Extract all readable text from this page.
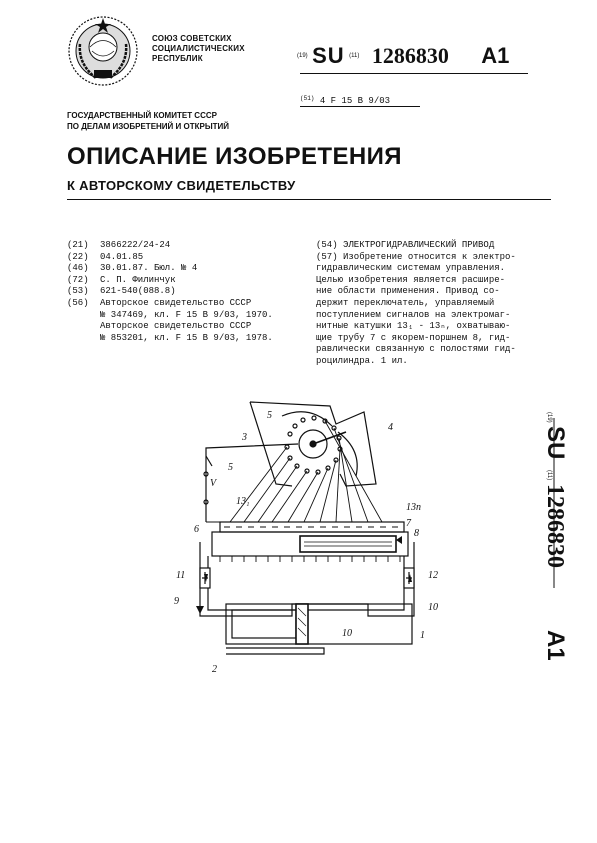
СОЮЗ СОВЕТСКИХ
СОЦИАЛИСТИЧЕСКИХ
РЕСПУБЛИК	$^{(19)}$ SU $^{(11)}$ 1286830 A1
$^{(51)}$ 4 F 15 B 9/03
ГОСУДАРСТВЕННЫЙ КОМИТЕТ СССР
ПО ДЕЛАМ ИЗОБРЕТЕНИЙ И ОТКРЫТИЙ
ОПИСАНИЕ ИЗОБРЕТЕНИЯ
К АВТОРСКОМУ СВИДЕТЕЛЬСТВУ
(21) 3866222/24-24
(22) 04.01.85
(46) 30.01.87. Бюл. № 4
(72) С. П. Филинчук
(53) 621-540(088.8)
(56) Авторское свидетельство СССР
№ 347469, кл. F 15 B 9/03, 1970.
Авторское свидетельство СССР
№ 853201, кл. F 15 B 9/03, 1978.
(54) ЭЛЕКТРОГИДРАВЛИЧЕСКИЙ ПРИВОД
(57) Изобретение относится к электро-
гидравлическим системам управления.
Целью изобретения является расшире-
ние области применения. Привод со-
держит переключатель, управляемый
поступлением сигналов на электромаг-
нитные катушки 13₁ - 13ₙ, охватываю-
щие трубу 7 с якорем-поршнем 8, гид-
равлически связанную с полостями гид-
роцилиндра. 1 ил.
(19)
SU
(11)
1286830
A1
5
4
3
5
V
13₁
13n
6
7
8
11	12
9
10
10	1
2
